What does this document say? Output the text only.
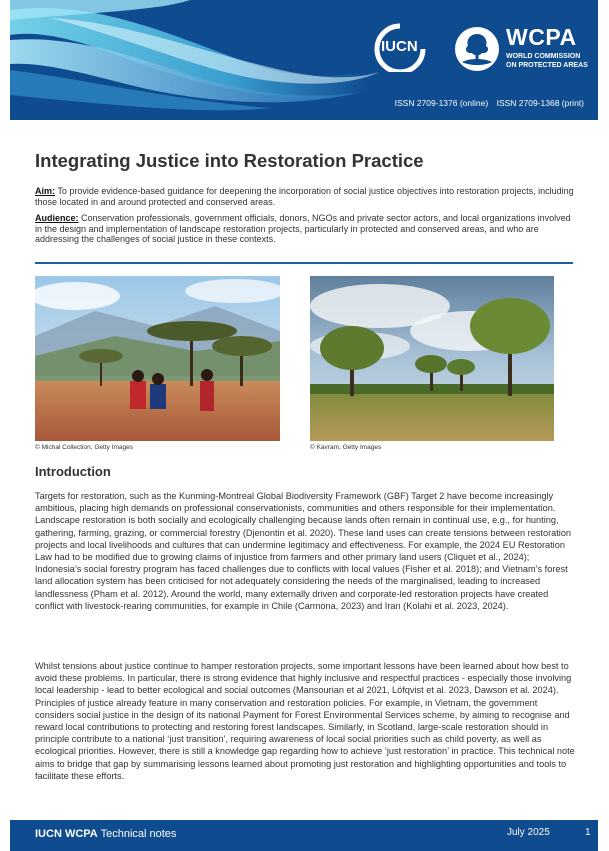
IUCN	WCPA
WORLD COMMISSION
ON PROTECTED AREAS
ISSN 2709-1376 (online) ISSN 2709-1368 (print)
Integrating Justice into Restoration Practice

Aim: To provide evidence-based guidance for deepening the incorporation of social justice objectives into restoration projects, including those located in and around protected and conserved areas.

Audience: Conservation professionals, government officials, donors, NGOs and private sector actors, and local organizations involved in the design and implementation of landscape restoration projects, particularly in protected and conserved areas, and who are addressing the challenges of social justice in these contexts.

© Michal Collection, Getty Images	© Kavram, Getty Images
Introduction

Targets for restoration, such as the Kunming-Montreal Global Biodiversity Framework (GBF) Target 2 have become increasingly ambitious, placing high demands on professional conservationists, communities and others responsible for their implementation. Landscape restoration is both socially and ecologically challenging because lands often remain in continual use, e.g., for hunting, gathering, farming, grazing, or commercial forestry (Djenontin et al. 2020). These land uses can create tensions between restoration projects and local livelihoods and cultures that can undermine legitimacy and effectiveness. For example, the 2024 EU Restoration Law had to be modified due to growing claims of injustice from farmers and other primary land users (Cliquet et al., 2024); Indonesia’s social forestry program has faced challenges due to conflicts with local values (Fisher et al. 2018); and Vietnam’s forest land allocation system has been criticised for not adequately considering the needs of the marginalised, leading to increased landlessness (Pham et al. 2012). Around the world, many externally driven and corporate-led restoration projects have created conflict with livestock-rearing communities, for example in Chile (Carmona, 2023) and Iran (Kolahi et al. 2023, 2024).

Whilst tensions about justice continue to hamper restoration projects, some important lessons have been learned about how best to avoid these problems. In particular, there is strong evidence that highly inclusive and respectful practices - especially those involving local leadership - lead to better ecological and social outcomes (Mansourian et al 2021, Löfqvist et al. 2023, Dawson et al. 2024). Principles of justice already feature in many conservation and restoration policies. For example, in Vietnam, the government considers social justice in the design of its national Payment for Forest Environmental Services scheme, by aiming to recognise and reward local contributions to protecting and restoring forest landscapes. Similarly, in Scotland, large-scale restoration should in principle contribute to a national ‘just transition’, requiring awareness of local social priorities such as child poverty, as well as ecological priorities. However, there is still a knowledge gap regarding how to achieve ‘just restoration’ in practice. This technical note aims to bridge that gap by summarising lessons learned about promoting just restoration and highlighting opportunities and tools to facilitate these efforts.

IUCN WCPA Technical notes	July 2025	1
